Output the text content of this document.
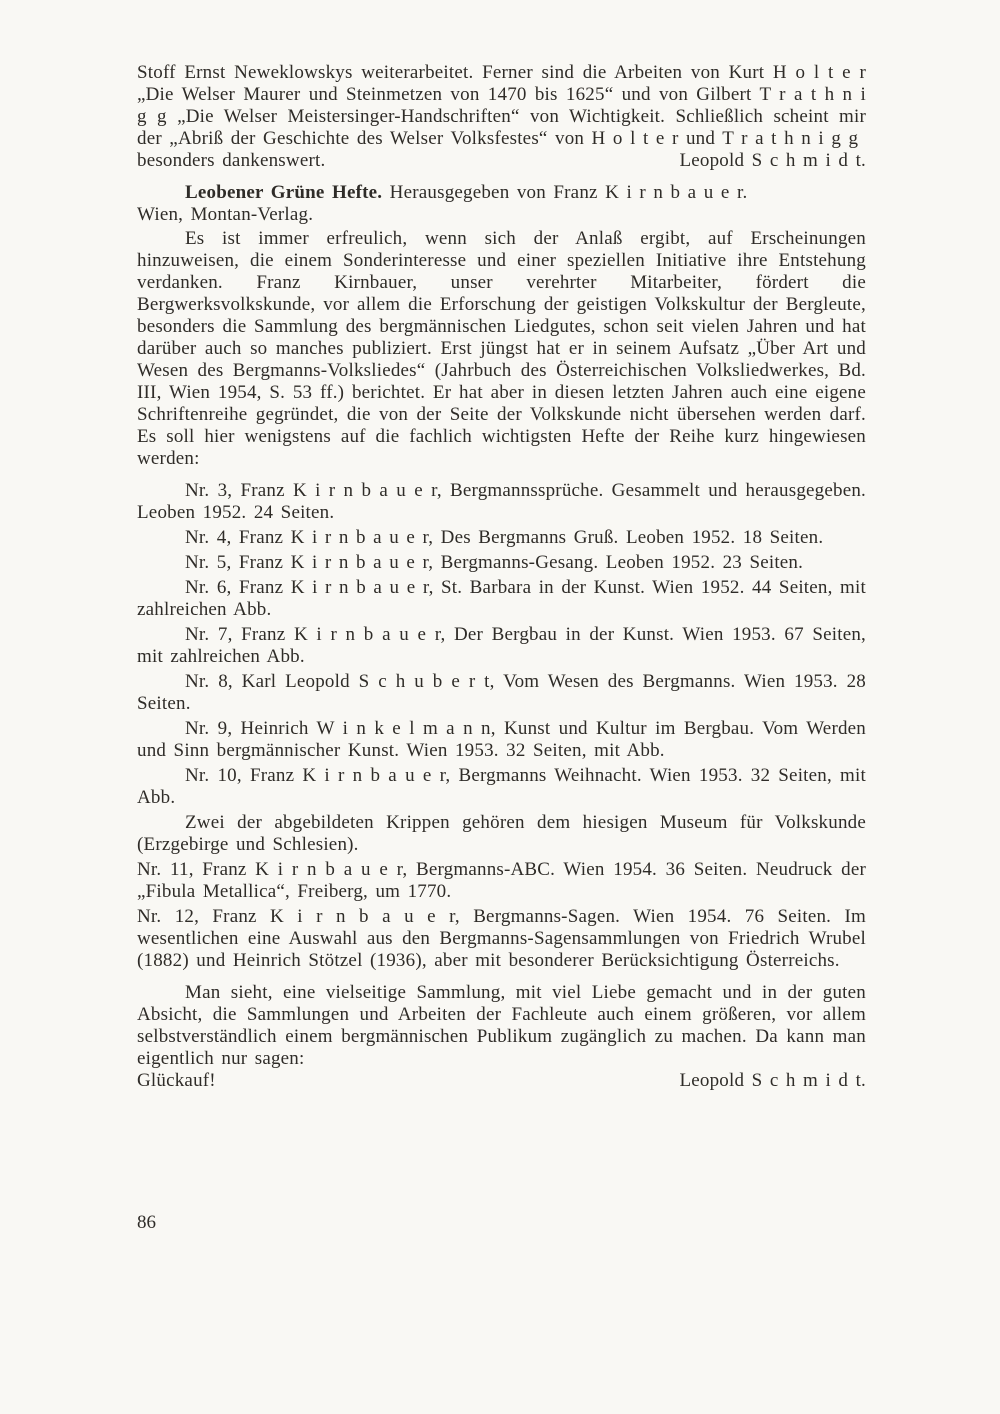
Stoff Ernst Neweklowskys weiterarbeitet. Ferner sind die Arbeiten von Kurt H o l t e r „Die Welser Maurer und Steinmetzen von 1470 bis 1625“ und von Gilbert T r a t h n i g g „Die Welser Meistersinger-Handschriften“ von Wichtigkeit. Schließlich scheint mir der „Abriß der Geschichte des Welser Volksfestes“ von H o l t e r und T r a t h n i g g

besonders dankenswert.	Leopold S c h m i d t.

Leobener Grüne Hefte. Herausgegeben von Franz K i r n b a u e r.

Wien, Montan-Verlag.

Es ist immer erfreulich, wenn sich der Anlaß ergibt, auf Erscheinungen hinzuweisen, die einem Sonderinteresse und einer speziellen Initiative ihre Entstehung verdanken. Franz Kirnbauer, unser verehrter Mitarbeiter, fördert die Bergwerksvolkskunde, vor allem die Erforschung der geistigen Volkskultur der Bergleute, besonders die Sammlung des bergmännischen Liedgutes, schon seit vielen Jahren und hat darüber auch so manches publiziert. Erst jüngst hat er in seinem Aufsatz „Über Art und Wesen des Bergmanns-Volksliedes“ (Jahrbuch des Österreichischen Volksliedwerkes, Bd. III, Wien 1954, S. 53 ff.) berichtet. Er hat aber in diesen letzten Jahren auch eine eigene Schriftenreihe gegründet, die von der Seite der Volkskunde nicht übersehen werden darf. Es soll hier wenigstens auf die fachlich wichtigsten Hefte der Reihe kurz hingewiesen werden:

Nr. 3, Franz K i r n b a u e r, Bergmannssprüche. Gesammelt und herausgegeben. Leoben 1952. 24 Seiten.

Nr. 4, Franz K i r n b a u e r, Des Bergmanns Gruß. Leoben 1952. 18 Seiten.

Nr. 5, Franz K i r n b a u e r, Bergmanns-Gesang. Leoben 1952. 23 Seiten.

Nr. 6, Franz K i r n b a u e r, St. Barbara in der Kunst. Wien 1952. 44 Seiten, mit zahlreichen Abb.

Nr. 7, Franz K i r n b a u e r, Der Bergbau in der Kunst. Wien 1953. 67 Seiten, mit zahlreichen Abb.

Nr. 8, Karl Leopold S c h u b e r t, Vom Wesen des Bergmanns. Wien 1953. 28 Seiten.

Nr. 9, Heinrich W i n k e l m a n n, Kunst und Kultur im Bergbau. Vom Werden und Sinn bergmännischer Kunst. Wien 1953. 32 Seiten, mit Abb.

Nr. 10, Franz K i r n b a u e r, Bergmanns Weihnacht. Wien 1953. 32 Seiten, mit Abb.

Zwei der abgebildeten Krippen gehören dem hiesigen Museum für Volkskunde (Erzgebirge und Schlesien).

Nr. 11, Franz K i r n b a u e r, Bergmanns-ABC. Wien 1954. 36 Seiten. Neudruck der „Fibula Metallica“, Freiberg, um 1770.

Nr. 12, Franz K i r n b a u e r, Bergmanns-Sagen. Wien 1954. 76 Seiten. Im wesentlichen eine Auswahl aus den Bergmanns-Sagensammlungen von Friedrich Wrubel (1882) und Heinrich Stötzel (1936), aber mit besonderer Berücksichtigung Österreichs.

Man sieht, eine vielseitige Sammlung, mit viel Liebe gemacht und in der guten Absicht, die Sammlungen und Arbeiten der Fachleute auch einem größeren, vor allem selbstverständlich einem bergmännischen Publikum zugänglich zu machen. Da kann man eigentlich nur sagen:

Glückauf!	Leopold S c h m i d t.
86
